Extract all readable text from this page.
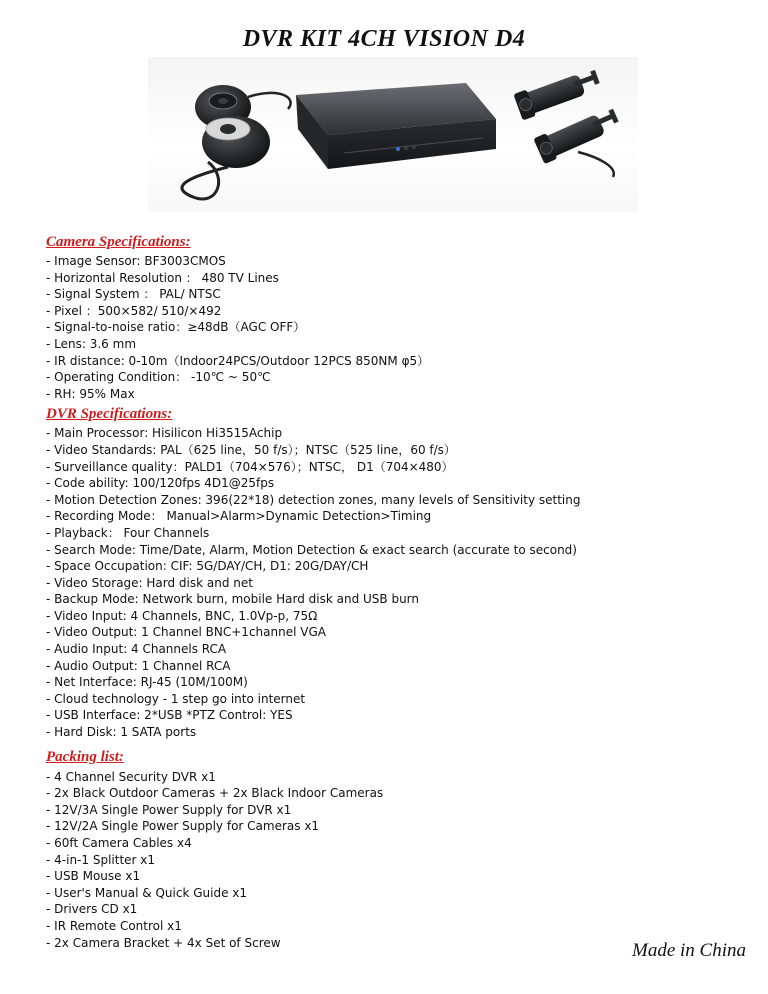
DVR KIT 4CH VISION D4
Camera Specifications:
- Image Sensor: BF3003CMOS
- Horizontal Resolution ： 480 TV Lines
- Signal System ： PAL/ NTSC
- Pixel ：500×582/ 510/×492
- Signal-to-noise ratio：≥48dB（AGC OFF）
- Lens: 3.6 mm
- IR distance: 0-10m（Indoor24PCS/Outdoor 12PCS 850NM φ5）
- Operating Condition： -10℃ ~ 50℃
- RH: 95% Max
DVR Specifications:
- Main Processor: Hisilicon Hi3515Achip
- Video Standards: PAL（625 line，50 f/s）；NTSC（525 line，60 f/s）
- Surveillance quality：PALD1（704×576）；NTSC， D1（704×480）
- Code ability: 100/120fps 4D1@25fps
- Motion Detection Zones: 396(22*18) detection zones, many levels of Sensitivity setting
- Recording Mode： Manual>Alarm>Dynamic Detection>Timing
- Playback： Four Channels
- Search Mode: Time/Date, Alarm, Motion Detection & exact search (accurate to second)
- Space Occupation: CIF: 5G/DAY/CH, D1: 20G/DAY/CH
- Video Storage: Hard disk and net
- Backup Mode: Network burn, mobile Hard disk and USB burn
- Video Input: 4 Channels, BNC, 1.0Vp-p, 75Ω
- Video Output: 1 Channel BNC+1channel VGA
- Audio Input: 4 Channels RCA
- Audio Output: 1 Channel RCA
- Net Interface: RJ-45 (10M/100M)
- Cloud technology - 1 step go into internet
- USB Interface: 2*USB *PTZ Control: YES
- Hard Disk: 1 SATA ports
Packing list:
- 4 Channel Security DVR x1
- 2x Black Outdoor Cameras + 2x Black Indoor Cameras
- 12V/3A Single Power Supply for DVR x1
- 12V/2A Single Power Supply for Cameras x1
- 60ft Camera Cables x4
- 4-in-1 Splitter x1
- USB Mouse x1
- User's Manual & Quick Guide x1
- Drivers CD x1
- IR Remote Control x1
- 2x Camera Bracket + 4x Set of Screw	Made in China
